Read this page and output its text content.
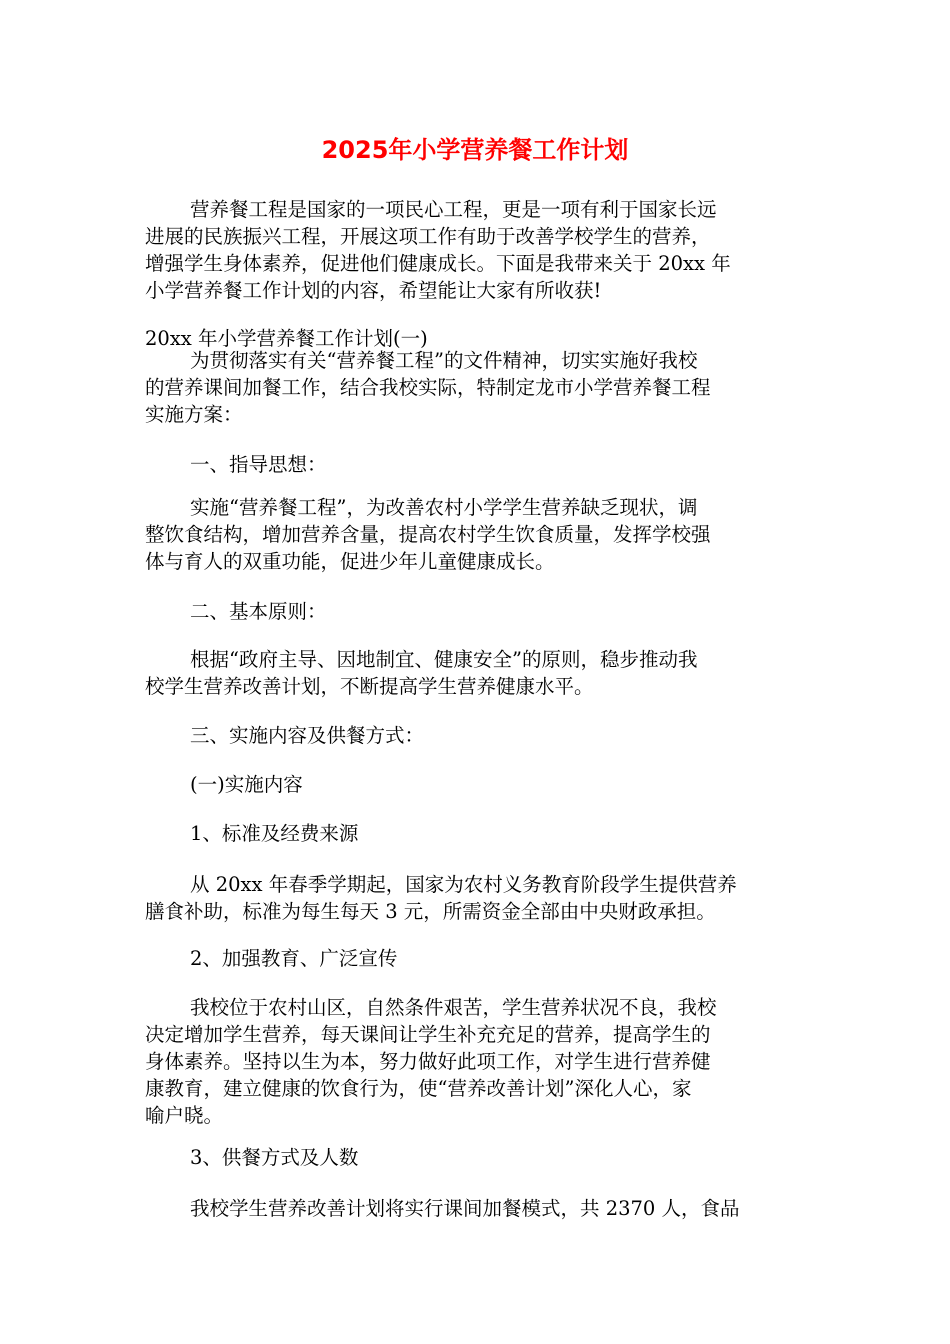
2025年小学营养餐工作计划
营养餐工程是国家的一项民心工程，更是一项有利于国家长远
进展的民族振兴工程，开展这项工作有助于改善学校学生的营养，
增强学生身体素养，促进他们健康成长。下面是我带来关于 20xx 年
小学营养餐工作计划的内容，希望能让大家有所收获!
20xx 年小学营养餐工作计划(一)
为贯彻落实有关“营养餐工程”的文件精神，切实实施好我校
的营养课间加餐工作，结合我校实际，特制定龙市小学营养餐工程
实施方案：
一、指导思想：
实施“营养餐工程”，为改善农村小学学生营养缺乏现状，调
整饮食结构，增加营养含量，提高农村学生饮食质量，发挥学校强
体与育人的双重功能，促进少年儿童健康成长。
二、基本原则：
根据“政府主导、因地制宜、健康安全”的原则，稳步推动我
校学生营养改善计划，不断提高学生营养健康水平。
三、实施内容及供餐方式：
(一)实施内容
1、标准及经费来源
从 20xx 年春季学期起，国家为农村义务教育阶段学生提供营养
膳食补助，标准为每生每天 3 元，所需资金全部由中央财政承担。
2、加强教育、广泛宣传
我校位于农村山区，自然条件艰苦，学生营养状况不良，我校
决定增加学生营养，每天课间让学生补充充足的营养，提高学生的
身体素养。坚持以生为本，努力做好此项工作，对学生进行营养健
康教育，建立健康的饮食行为，使“营养改善计划”深化人心，家
喻户晓。
3、供餐方式及人数
我校学生营养改善计划将实行课间加餐模式，共 2370 人，食品
